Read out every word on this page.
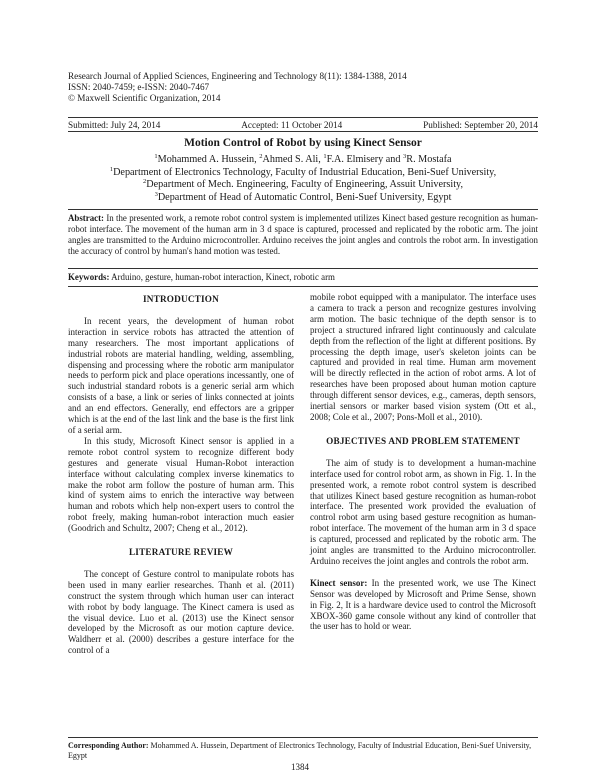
Research Journal of Applied Sciences, Engineering and Technology 8(11): 1384-1388, 2014
ISSN: 2040-7459; e-ISSN: 2040-7467
© Maxwell Scientific Organization, 2014
Submitted: July 24, 2014	Accepted: 11 October 2014	Published: September 20, 2014
Motion Control of Robot by using Kinect Sensor
$^1$Mohammed A. Hussein, $^2$Ahmed S. Ali, $^1$F.A. Elmisery and $^3$R. Mostafa
$^1$Department of Electronics Technology, Faculty of Industrial Education, Beni-Suef University,
$^2$Department of Mech. Engineering, Faculty of Engineering, Assuit University,
$^3$Department of Head of Automatic Control, Beni-Suef University, Egypt
Abstract: In the presented work, a remote robot control system is implemented utilizes Kinect based gesture recognition as human-robot interface. The movement of the human arm in 3 d space is captured, processed and replicated by the robotic arm. The joint angles are transmitted to the Arduino microcontroller. Arduino receives the joint angles and controls the robot arm. In investigation the accuracy of control by human's hand motion was tested.
Keywords: Arduino, gesture, human-robot interaction, Kinect, robotic arm
INTRODUCTION

In recent years, the development of human robot interaction in service robots has attracted the attention of many researchers. The most important applications of industrial robots are material handling, welding, assembling, dispensing and processing where the robotic arm manipulator needs to perform pick and place operations incessantly, one of such industrial standard robots is a generic serial arm which consists of a base, a link or series of links connected at joints and an end effectors. Generally, end effectors are a gripper which is at the end of the last link and the base is the first link of a serial arm.

In this study, Microsoft Kinect sensor is applied in a remote robot control system to recognize different body gestures and generate visual Human-Robot interaction interface without calculating complex inverse kinematics to make the robot arm follow the posture of human arm. This kind of system aims to enrich the interactive way between human and robots which help non-expert users to control the robot freely, making human-robot interaction much easier (Goodrich and Schultz, 2007; Cheng et al., 2012).

LITERATURE REVIEW

The concept of Gesture control to manipulate robots has been used in many earlier researches. Thanh et al. (2011) construct the system through which human user can interact with robot by body language. The Kinect camera is used as the visual device. Luo et al. (2013) use the Kinect sensor developed by the Microsoft as our motion capture device. Waldherr et al. (2000) describes a gesture interface for the control of a

mobile robot equipped with a manipulator. The interface uses a camera to track a person and recognize gestures involving arm motion. The basic technique of the depth sensor is to project a structured infrared light continuously and calculate depth from the reflection of the light at different positions. By processing the depth image, user's skeleton joints can be captured and provided in real time. Human arm movement will be directly reflected in the action of robot arms. A lot of researches have been proposed about human motion capture through different sensor devices, e.g., cameras, depth sensors, inertial sensors or marker based vision system (Ott et al., 2008; Cole et al., 2007; Pons-Moll et al., 2010).

OBJECTIVES AND PROBLEM STATEMENT

The aim of study is to development a human-machine interface used for control robot arm, as shown in Fig. 1. In the presented work, a remote robot control system is described that utilizes Kinect based gesture recognition as human-robot interface. The presented work provided the evaluation of control robot arm using based gesture recognition as human-robot interface. The movement of the human arm in 3 d space is captured, processed and replicated by the robotic arm. The joint angles are transmitted to the Arduino microcontroller. Arduino receives the joint angles and controls the robot arm.

Kinect sensor: In the presented work, we use The Kinect Sensor was developed by Microsoft and Prime Sense, shown in Fig. 2, It is a hardware device used to control the Microsoft XBOX-360 game console without any kind of controller that the user has to hold or wear.

Corresponding Author: Mohammed A. Hussein, Department of Electronics Technology, Faculty of Industrial Education, Beni-Suef University, Egypt
1384
